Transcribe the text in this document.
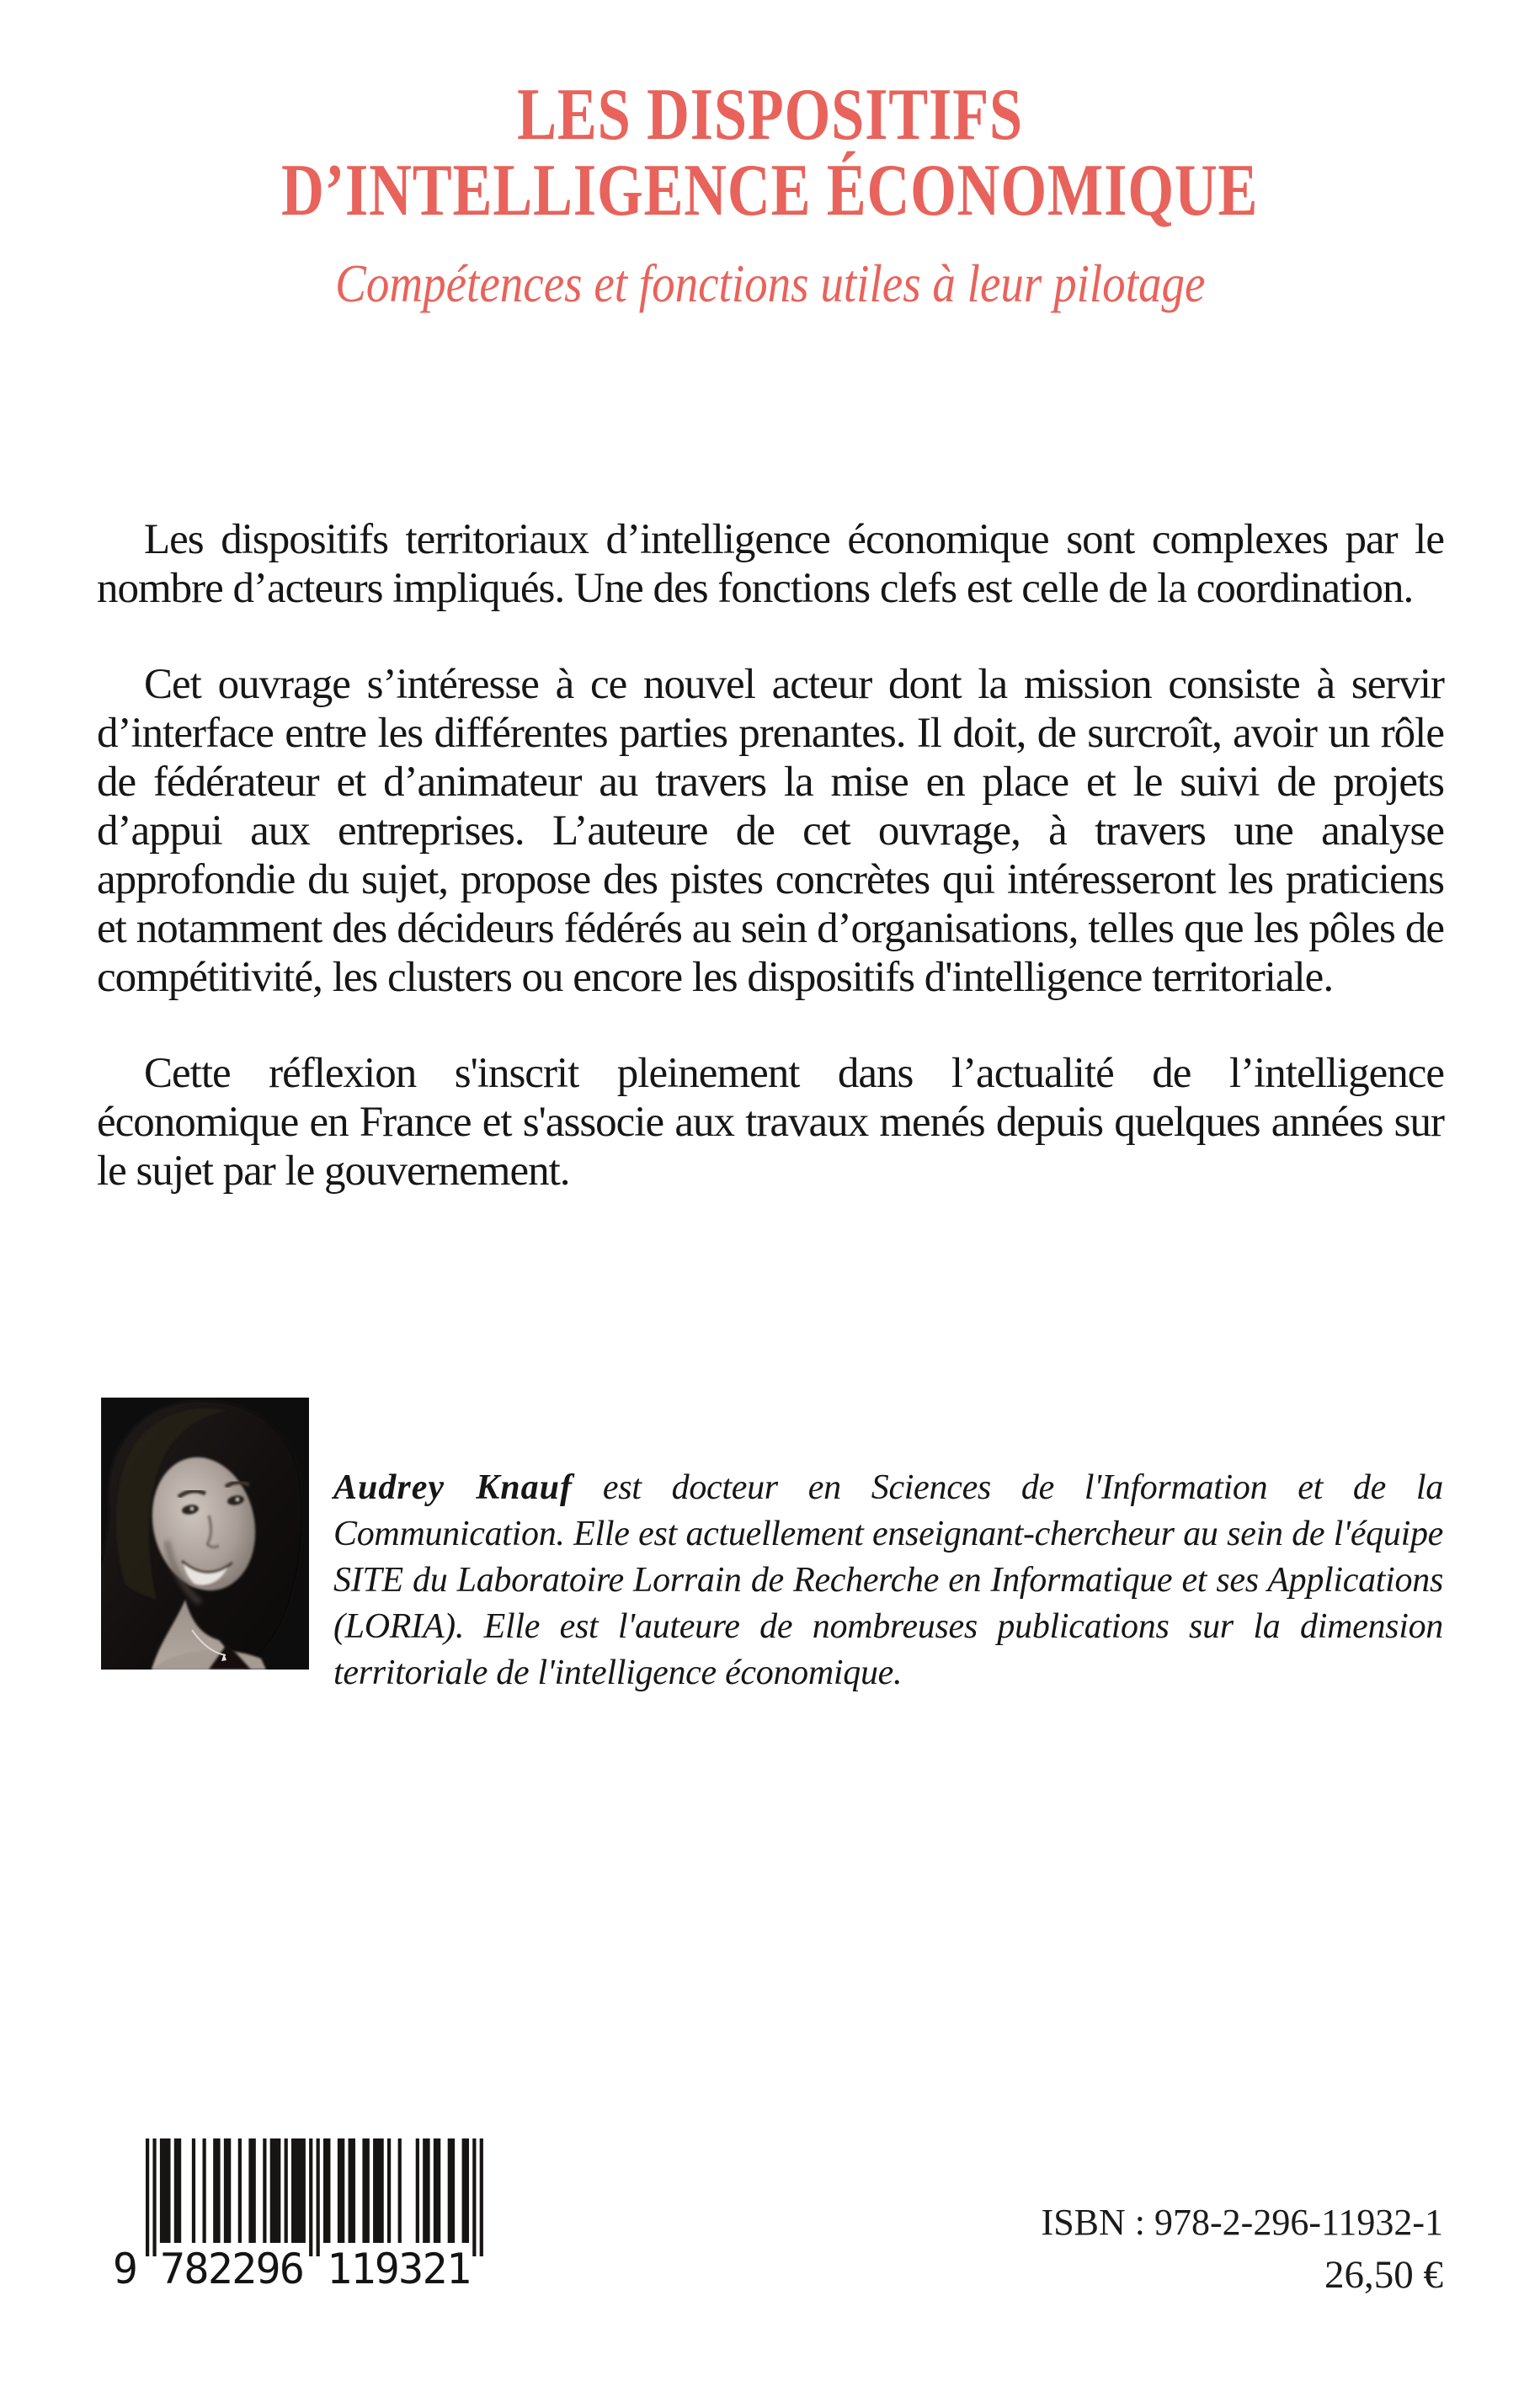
LES DISPOSITIFS
D’INTELLIGENCE ÉCONOMIQUE
Compétences et fonctions utiles à leur pilotage

Les dispositifs territoriaux d’intelligence économique sont complexes par le nombre d’acteurs impliqués. Une des fonctions clefs est celle de la coordination.

Cet ouvrage s’intéresse à ce nouvel acteur dont la mission consiste à servir d’interface entre les différentes parties prenantes. Il doit, de surcroît, avoir un rôle de fédérateur et d’animateur au travers la mise en place et le suivi de projets d’appui aux entreprises. L’auteure de cet ouvrage, à travers une analyse approfondie du sujet, propose des pistes concrètes qui intéresseront les praticiens et notamment des décideurs fédérés au sein d’organisations, telles que les pôles de compétitivité, les clusters ou encore les dispositifs d'intelligence territoriale.

Cette réflexion s'inscrit pleinement dans l’actualité de l’intelligence économique en France et s'associe aux travaux menés depuis quelques années sur le sujet par le gouvernement.

Audrey Knauf est docteur en Sciences de l'Information et de la Communication. Elle est actuellement enseignant-chercheur au sein de l'équipe SITE du Laboratoire Lorrain de Recherche en Informatique et ses Applications (LORIA). Elle est l'auteure de nombreuses publications sur la dimension territoriale de l'intelligence économique.

9 782296 119321
ISBN : 978-2-296-11932-1
26,50 €
